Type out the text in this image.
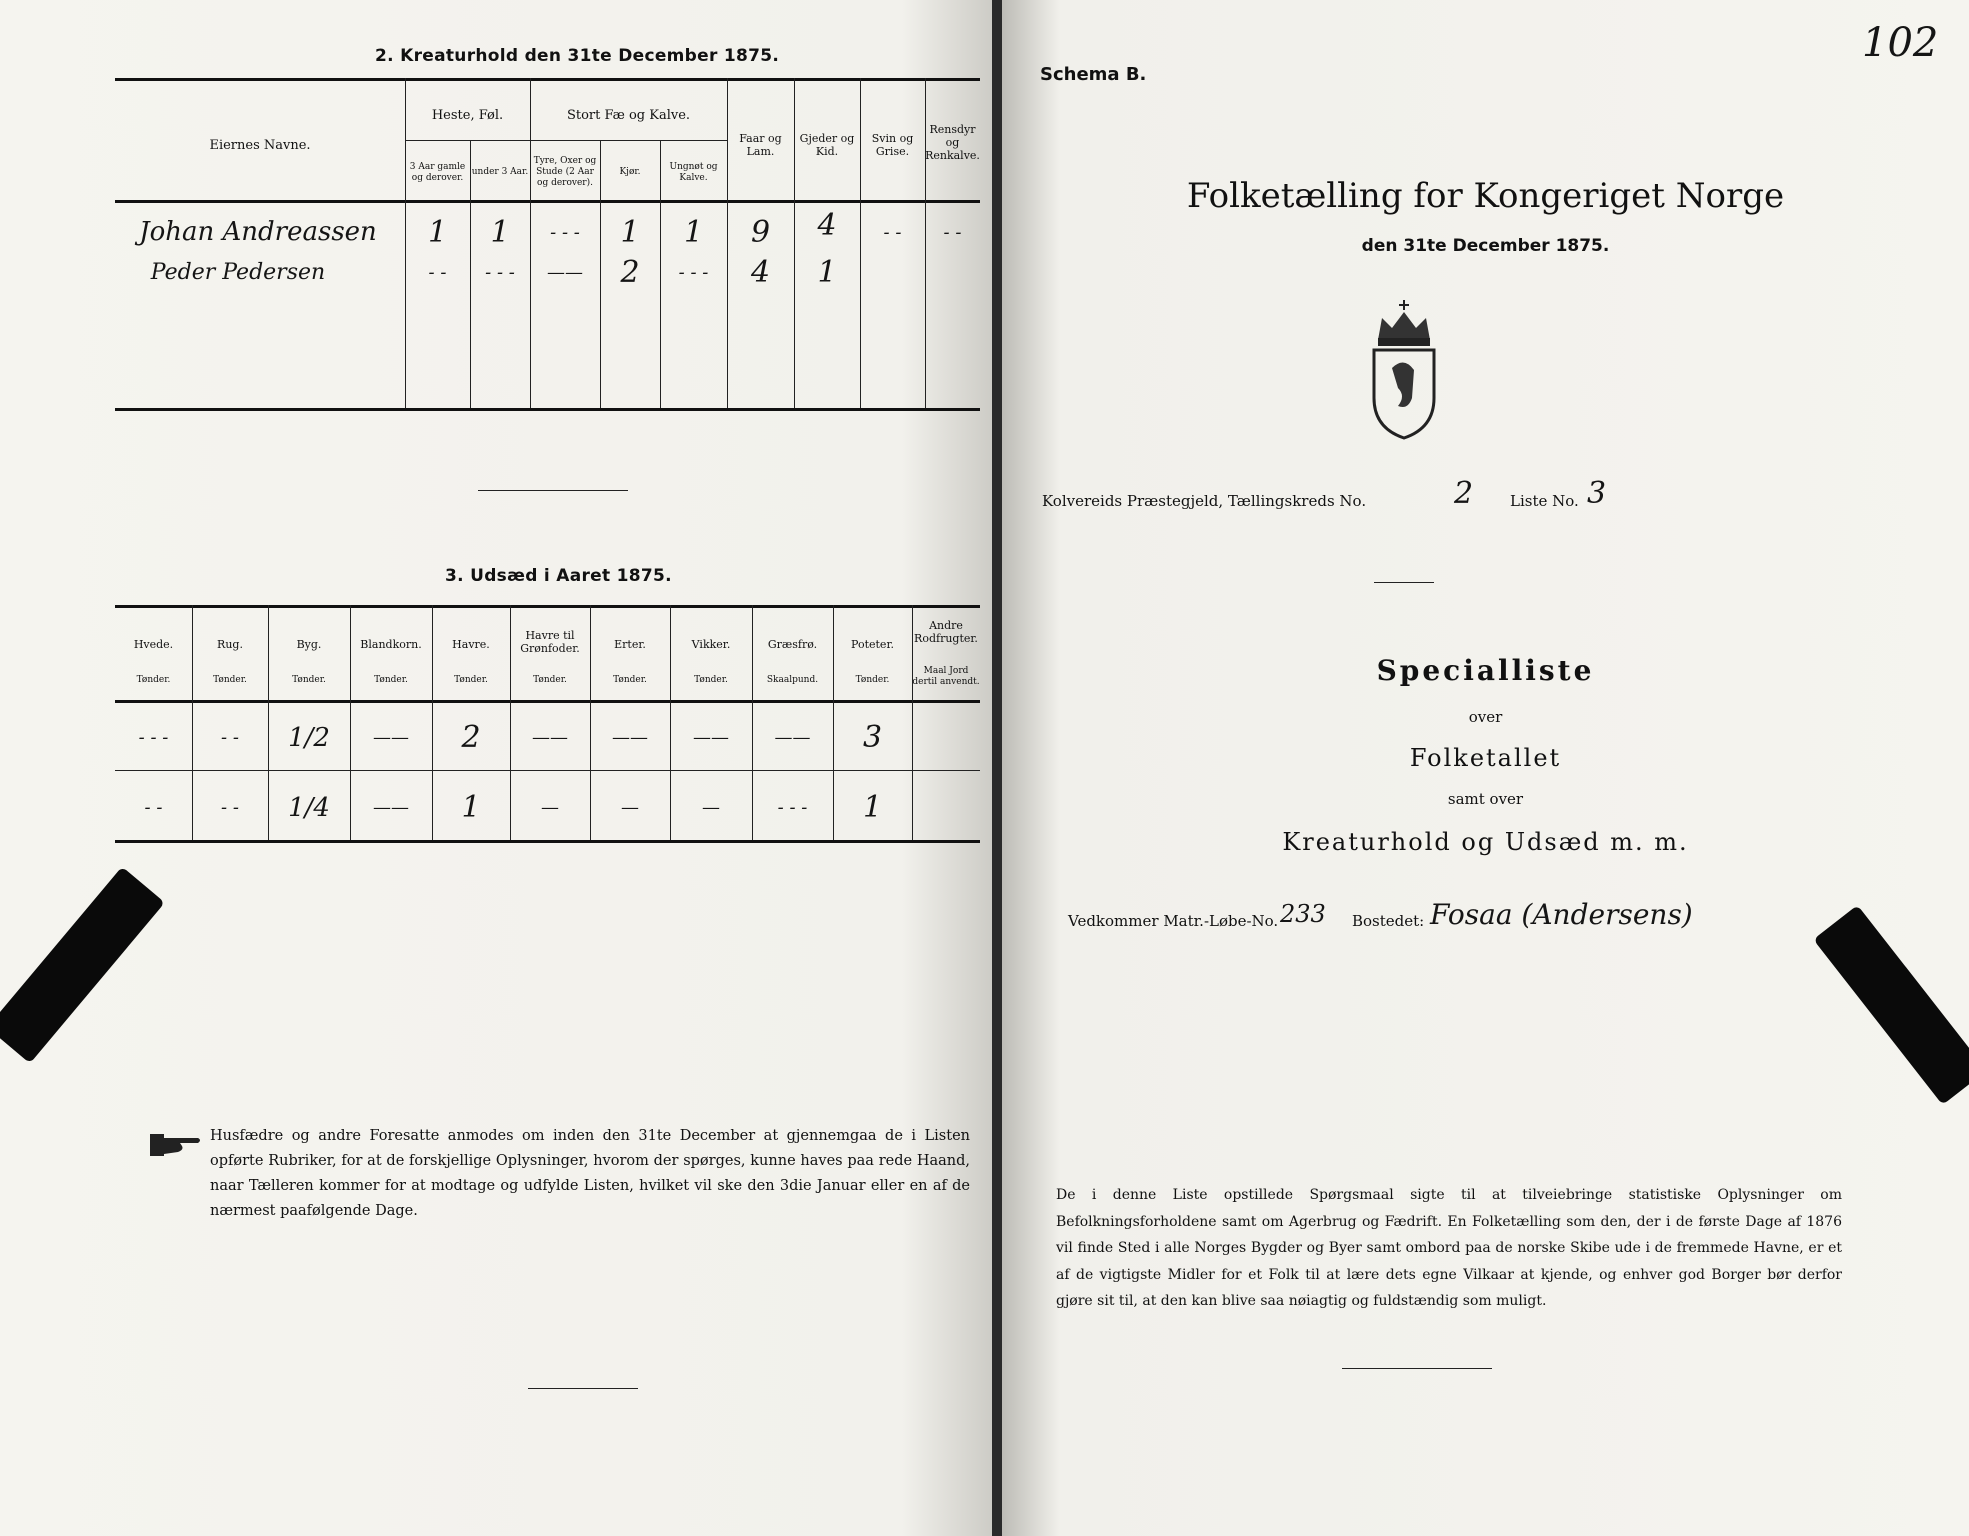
2. Kreaturhold den 31te December 1875.
Eiernes Navne.
Heste, Føl.	Stort Fæ og Kalve.
3 Aar gamle og derover.
under 3 Aar.
Tyre, Oxer og Stude (2 Aar og derover).
Kjør.
Ungnøt og Kalve.
Faar og Lam.
Gjeder og Kid.
Svin og Grise.
Rensdyr og Renkalve.
Johan Andreassen	1	1	- - -	1	1	9	4	- -	- -
Peder Pedersen	- -	- - -	——	2	- - -	4	1
3. Udsæd i Aaret 1875.
Hvede.	Rug.	Byg.	Blandkorn.	Havre.
Havre til Grønfoder.	Erter.	Vikker.	Græsfrø.	Poteter.
Andre Rodfrugter.
Tønder.	Tønder.	Tønder.	Tønder.	Tønder.	Tønder.	Tønder.	Tønder.	Skaalpund.	Tønder.
Maal Jord dertil anvendt.
- - -	- -	1/2	——	2	——	——	——	——	3
- -	- -	1/4	——	1	—	—	—	- - -	1
Husfædre og andre Foresatte anmodes om inden den 31te December at gjennemgaa de i Listen opførte Rubriker, for at de forskjellige Oplysninger, hvorom der spørges, kunne haves paa rede Haand, naar Tælleren kommer for at modtage og udfylde Listen, hvilket vil ske den 3die Januar eller en af de nærmest paafølgende Dage.
Schema B.
102
Folketælling for Kongeriget Norge
den 31te December 1875.
Kolvereids Præstegjeld, Tællingskreds No.	2 Liste No. 3
Specialliste
over
Folketallet
samt over
Kreaturhold og Udsæd m. m.
Vedkommer Matr.-Løbe-No. 233 Bostedet: Fosaa (Andersens)
De i denne Liste opstillede Spørgsmaal sigte til at tilveiebringe statistiske Oplysninger om Befolkningsforholdene samt om Agerbrug og Fædrift. En Folketælling som den, der i de første Dage af 1876 vil finde Sted i alle Norges Bygder og Byer samt ombord paa de norske Skibe ude i de fremmede Havne, er et af de vigtigste Midler for et Folk til at lære dets egne Vilkaar at kjende, og enhver god Borger bør derfor gjøre sit til, at den kan blive saa nøiagtig og fuldstændig som muligt.
